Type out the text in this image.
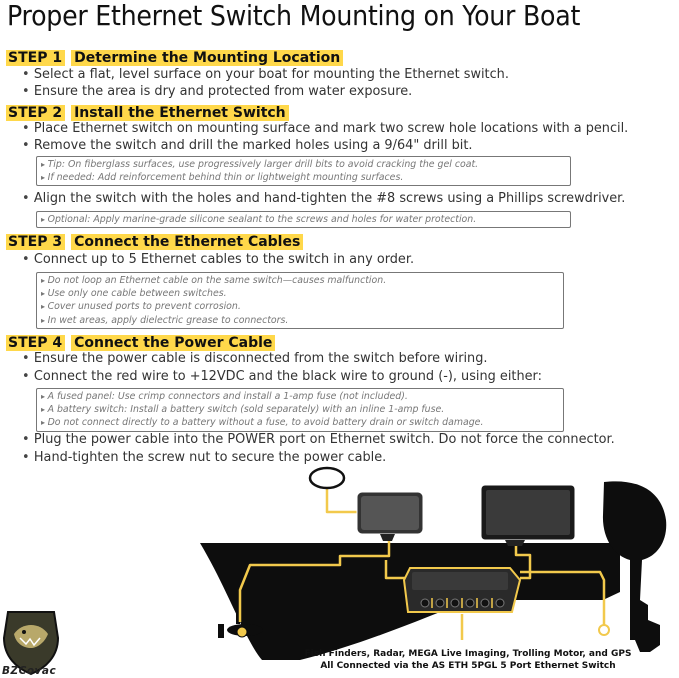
Proper Ethernet Switch Mounting on Your Boat
STEP 1 Determine the Mounting Location
• Select a flat, level surface on your boat for mounting the Ethernet switch.
• Ensure the area is dry and protected from water exposure.
STEP 2 Install the Ethernet Switch
• Place Ethernet switch on mounting surface and mark two screw hole locations with a pencil.
• Remove the switch and drill the marked holes using a 9/64" drill bit.
▸ Tip: On fiberglass surfaces, use progressively larger drill bits to avoid cracking the gel coat.
▸ If needed: Add reinforcement behind thin or lightweight mounting surfaces.
• Align the switch with the holes and hand-tighten the #8 screws using a Phillips screwdriver.
▸ Optional: Apply marine-grade silicone sealant to the screws and holes for water protection.
STEP 3 Connect the Ethernet Cables
• Connect up to 5 Ethernet cables to the switch in any order.
▸ Do not loop an Ethernet cable on the same switch—causes malfunction.
▸ Use only one cable between switches.
▸ Cover unused ports to prevent corrosion.
▸ In wet areas, apply dielectric grease to connectors.
STEP 4 Connect the Power Cable
• Ensure the power cable is disconnected from the switch before wiring.
• Connect the red wire to +12VDC and the black wire to ground (-), using either:
▸ A fused panel: Use crimp connectors and install a 1-amp fuse (not included).
▸ A battery switch: Install a battery switch (sold separately) with an inline 1-amp fuse.
▸ Do not connect directly to a battery without a fuse, to avoid battery drain or switch damage.
• Plug the power cable into the POWER port on Ethernet switch. Do not force the connector.
• Hand-tighten the screw nut to secure the power cable.
BZCovac
Fish Finders, Radar, MEGA Live Imaging, Trolling Motor, and GPS
All Connected via the AS ETH 5PGL 5 Port Ethernet Switch
